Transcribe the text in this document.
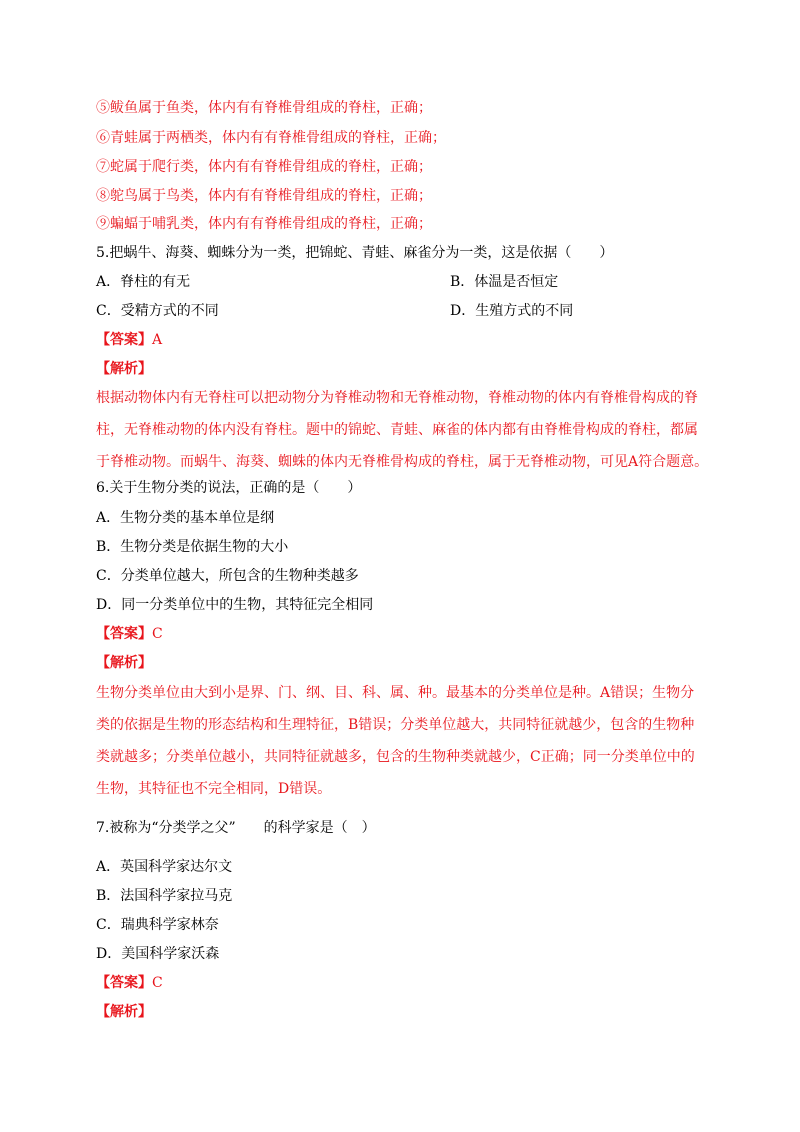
⑤鲅鱼属于鱼类，体内有有脊椎骨组成的脊柱，正确；
⑥青蛙属于两栖类，体内有有脊椎骨组成的脊柱，正确；
⑦蛇属于爬行类，体内有有脊椎骨组成的脊柱，正确；
⑧鸵鸟属于鸟类，体内有有脊椎骨组成的脊柱，正确；
⑨蝙蝠于哺乳类，体内有有脊椎骨组成的脊柱，正确；
5.把蜗牛、海葵、蜘蛛分为一类，把锦蛇、青蛙、麻雀分为一类，这是依据（　　）
A．脊柱的有无	B．体温是否恒定
C．受精方式的不同	D．生殖方式的不同
【答案】A
【解析】
根据动物体内有无脊柱可以把动物分为脊椎动物和无脊椎动物，脊椎动物的体内有脊椎骨构成的脊
柱，无脊椎动物的体内没有脊柱。题中的锦蛇、青蛙、麻雀的体内都有由脊椎骨构成的脊柱，都属
于脊椎动物。而蜗牛、海葵、蜘蛛的体内无脊椎骨构成的脊柱，属于无脊椎动物，可见A符合题意。
6.关于生物分类的说法，正确的是（　　）
A．生物分类的基本单位是纲
B．生物分类是依据生物的大小
C．分类单位越大，所包含的生物种类越多
D．同一分类单位中的生物，其特征完全相同
【答案】C
【解析】
生物分类单位由大到小是界、门、纲、目、科、属、种。最基本的分类单位是种。A错误；生物分
类的依据是生物的形态结构和生理特征，B错误；分类单位越大，共同特征就越少，包含的生物种
类就越多；分类单位越小，共同特征就越多，包含的生物种类就越少，C正确；同一分类单位中的
生物，其特征也不完全相同，D错误。
7.被称为“分类学之父”　　的科学家是（　）
A．英国科学家达尔文
B．法国科学家拉马克
C．瑞典科学家林奈
D．美国科学家沃森
【答案】C
【解析】
